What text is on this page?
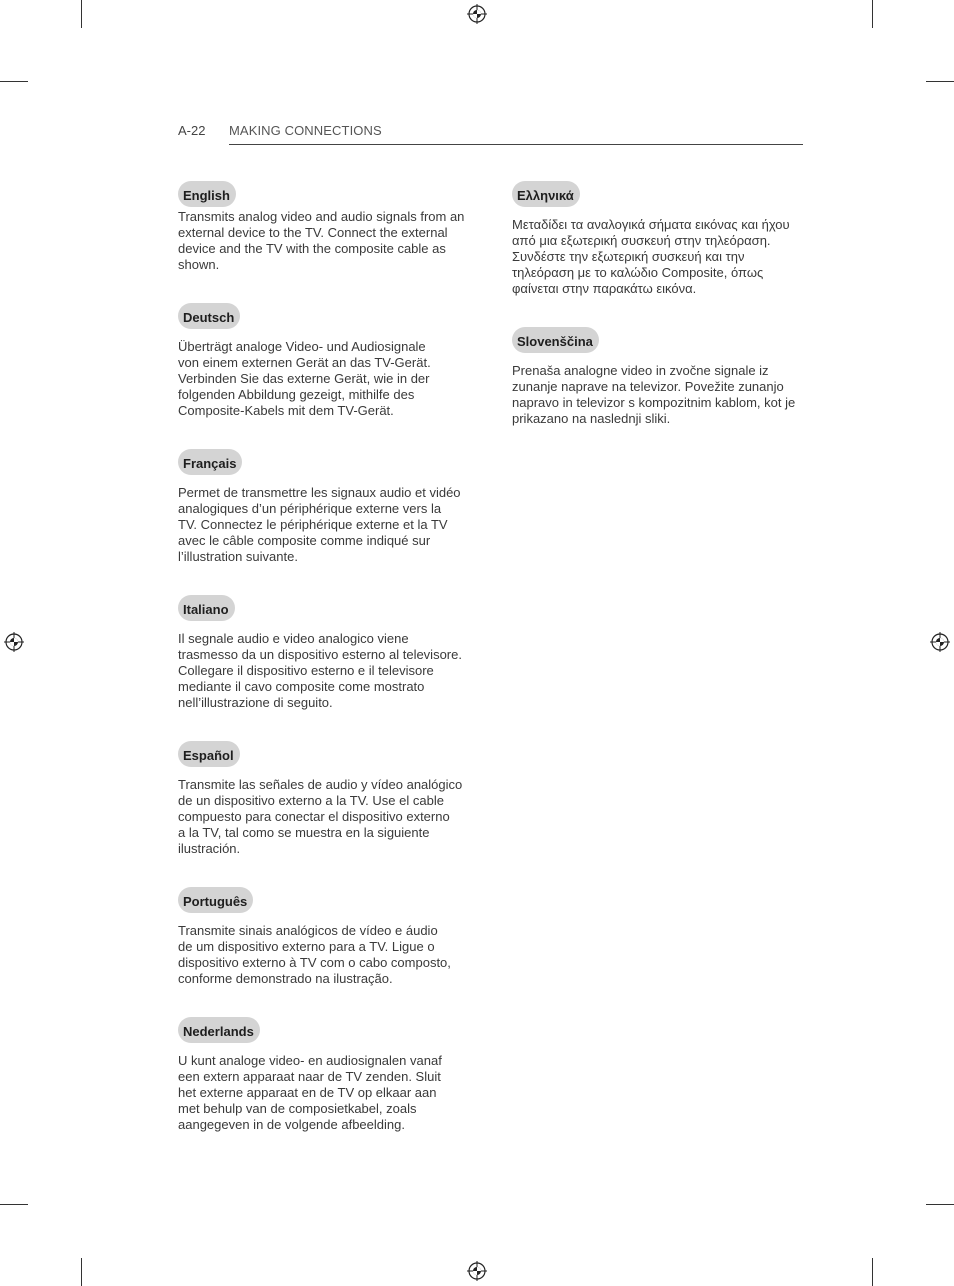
A-22 MAKING CONNECTIONS
English
Transmits analog video and audio signals from an
external device to the TV. Connect the external
device and the TV with the composite cable as
shown.
Deutsch
Überträgt analoge Video- und Audiosignale
von einem externen Gerät an das TV-Gerät.
Verbinden Sie das externe Gerät, wie in der
folgenden Abbildung gezeigt, mithilfe des
Composite-Kabels mit dem TV-Gerät.
Français
Permet de transmettre les signaux audio et vidéo
analogiques d’un périphérique externe vers la
TV. Connectez le périphérique externe et la TV
avec le câble composite comme indiqué sur
l’illustration suivante.
Italiano
Il segnale audio e video analogico viene
trasmesso da un dispositivo esterno al televisore.
Collegare il dispositivo esterno e il televisore
mediante il cavo composite come mostrato
nell’illustrazione di seguito.
Español
Transmite las señales de audio y vídeo analógico
de un dispositivo externo a la TV. Use el cable
compuesto para conectar el dispositivo externo
a la TV, tal como se muestra en la siguiente
ilustración.
Português
Transmite sinais analógicos de vídeo e áudio
de um dispositivo externo para a TV. Ligue o
dispositivo externo à TV com o cabo composto,
conforme demonstrado na ilustração.
Nederlands
U kunt analoge video- en audiosignalen vanaf
een extern apparaat naar de TV zenden. Sluit
het externe apparaat en de TV op elkaar aan
met behulp van de composietkabel, zoals
aangegeven in de volgende afbeelding.
Ελληνικά
Μεταδίδει τα αναλογικά σήματα εικόνας και ήχου
από μια εξωτερική συσκευή στην τηλεόραση.
Συνδέστε την εξωτερική συσκευή και την
τηλεόραση με το καλώδιο Composite, όπως
φαίνεται στην παρακάτω εικόνα.
Slovenščina
Prenaša analogne video in zvočne signale iz
zunanje naprave na televizor. Povežite zunanjo
napravo in televizor s kompozitnim kablom, kot je
prikazano na naslednji sliki.
